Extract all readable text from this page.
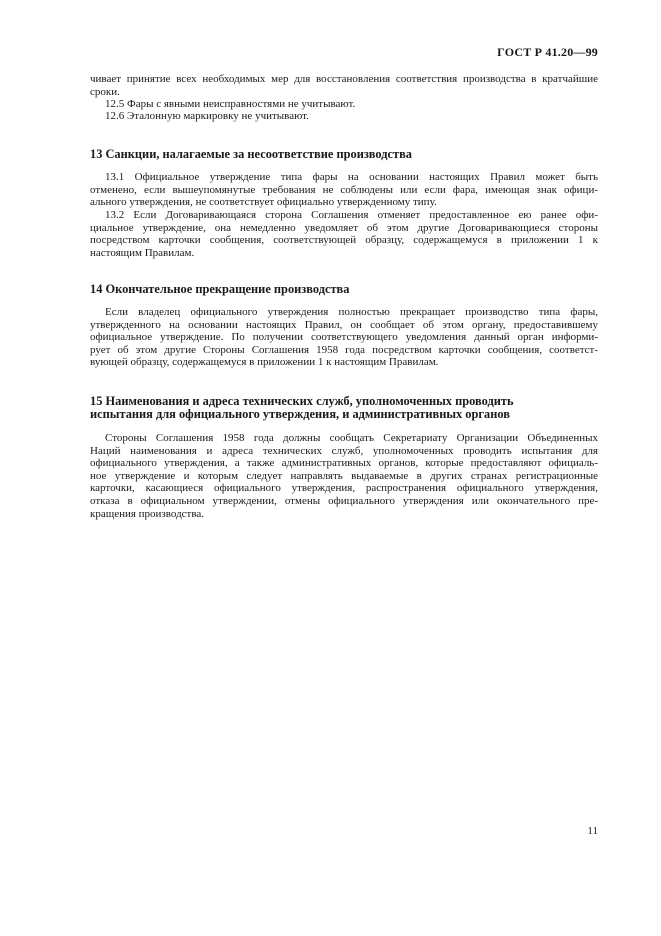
ГОСТ Р 41.20—99
чивает принятие всех необходимых мер для восстановления соответствия производства в кратчайшие
сроки.
12.5 Фары с явными неисправностями не учитывают.
12.6 Эталонную маркировку не учитывают.
13 Санкции, налагаемые за несоответствие производства
13.1 Официальное утверждение типа фары на основании настоящих Правил может быть
отменено, если вышеупомянутые требования не соблюдены или если фара, имеющая знак офици-
ального утверждения, не соответствует официально утвержденному типу.
13.2 Если Договаривающаяся сторона Соглашения отменяет предоставленное ею ранее офи-
циальное утверждение, она немедленно уведомляет об этом другие Договаривающиеся стороны
посредством карточки сообщения, соответствующей образцу, содержащемуся в приложении 1 к
настоящим Правилам.
14 Окончательное прекращение производства
Если владелец официального утверждения полностью прекращает производство типа фары,
утвержденного на основании настоящих Правил, он сообщает об этом органу, предоставившему
официальное утверждение. По получении соответствующего уведомления данный орган информи-
рует об этом другие Стороны Соглашения 1958 года посредством карточки сообщения, соответст-
вующей образцу, содержащемуся в приложении 1 к настоящим Правилам.
15 Наименования и адреса технических служб, уполномоченных проводить
испытания для официального утверждения, и административных органов
Стороны Соглашения 1958 года должны сообщать Секретариату Организации Объединенных
Наций наименования и адреса технических служб, уполномоченных проводить испытания для
официального утверждения, а также административных органов, которые предоставляют официаль-
ное утверждение и которым следует направлять выдаваемые в других странах регистрационные
карточки, касающиеся официального утверждения, распространения официального утверждения,
отказа в официальном утверждении, отмены официального утверждения или окончательного пре-
кращения производства.
11
